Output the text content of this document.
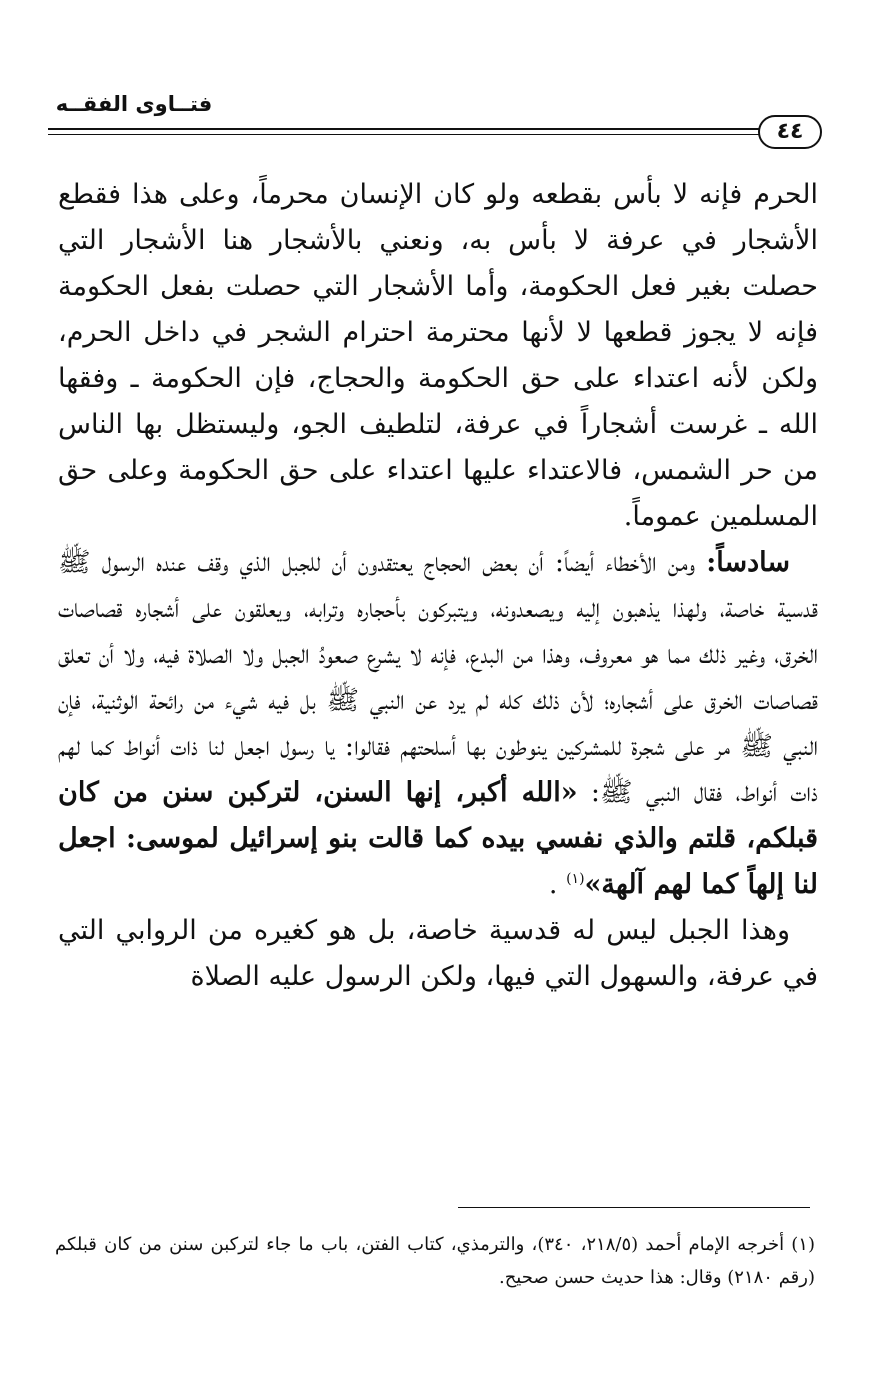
فتــاوى الفقــه
٤٤

الحرم فإنه لا بأس بقطعه ولو كان الإنسان محرماً، وعلى هذا فقطع الأشجار في عرفة لا بأس به، ونعني بالأشجار هنا الأشجار التي حصلت بغير فعل الحكومة، وأما الأشجار التي حصلت بفعل الحكومة فإنه لا يجوز قطعها لا لأنها محترمة احترام الشجر في داخل الحرم، ولكن لأنه اعتداء على حق الحكومة والحجاج، فإن الحكومة ـ وفقها الله ـ غرست أشجاراً في عرفة، لتلطيف الجو، وليستظل بها الناس من حر الشمس، فالاعتداء عليها اعتداء على حق الحكومة وعلى حق المسلمين عموماً.

سادساً: ومن الأخطاء أيضاً: أن بعض الحجاج يعتقدون أن للجبل الذي وقف عنده الرسول ﷺ قدسية خاصة، ولهذا يذهبون إليه ويصعدونه، ويتبركون بأحجاره وترابه، ويعلقون على أشجاره قصاصات الخرق، وغير ذلك مما هو معروف، وهذا من البدع، فإنه لا يشرع صعودُ الجبل ولا الصلاة فيه، ولا أن تعلق قصاصات الخرق على أشجاره؛ لأن ذلك كله لم يرد عن النبي ﷺ بل فيه شيء من رائحة الوثنية، فإن النبي ﷺ مر على شجرة للمشركين ينوطون بها أسلحتهم فقالوا: يا رسول اجعل لنا ذات أنواط كما لهم ذات أنواط، فقال النبي ﷺ: «الله أكبر، إنها السنن، لتركبن سنن من كان قبلكم، قلتم والذي نفسي بيده كما قالت بنو إسرائيل لموسى: اجعل لنا إلهاً كما لهم آلهة»$^{(١)}$ .

وهذا الجبل ليس له قدسية خاصة، بل هو كغيره من الروابي التي في عرفة، والسهول التي فيها، ولكن الرسول عليه الصلاة

(١) أخرجه الإمام أحمد (٢١٨/٥، ٣٤٠)، والترمذي، كتاب الفتن، باب ما جاء لتركبن سنن من كان قبلكم (رقم ٢١٨٠) وقال: هذا حديث حسن صحيح.
